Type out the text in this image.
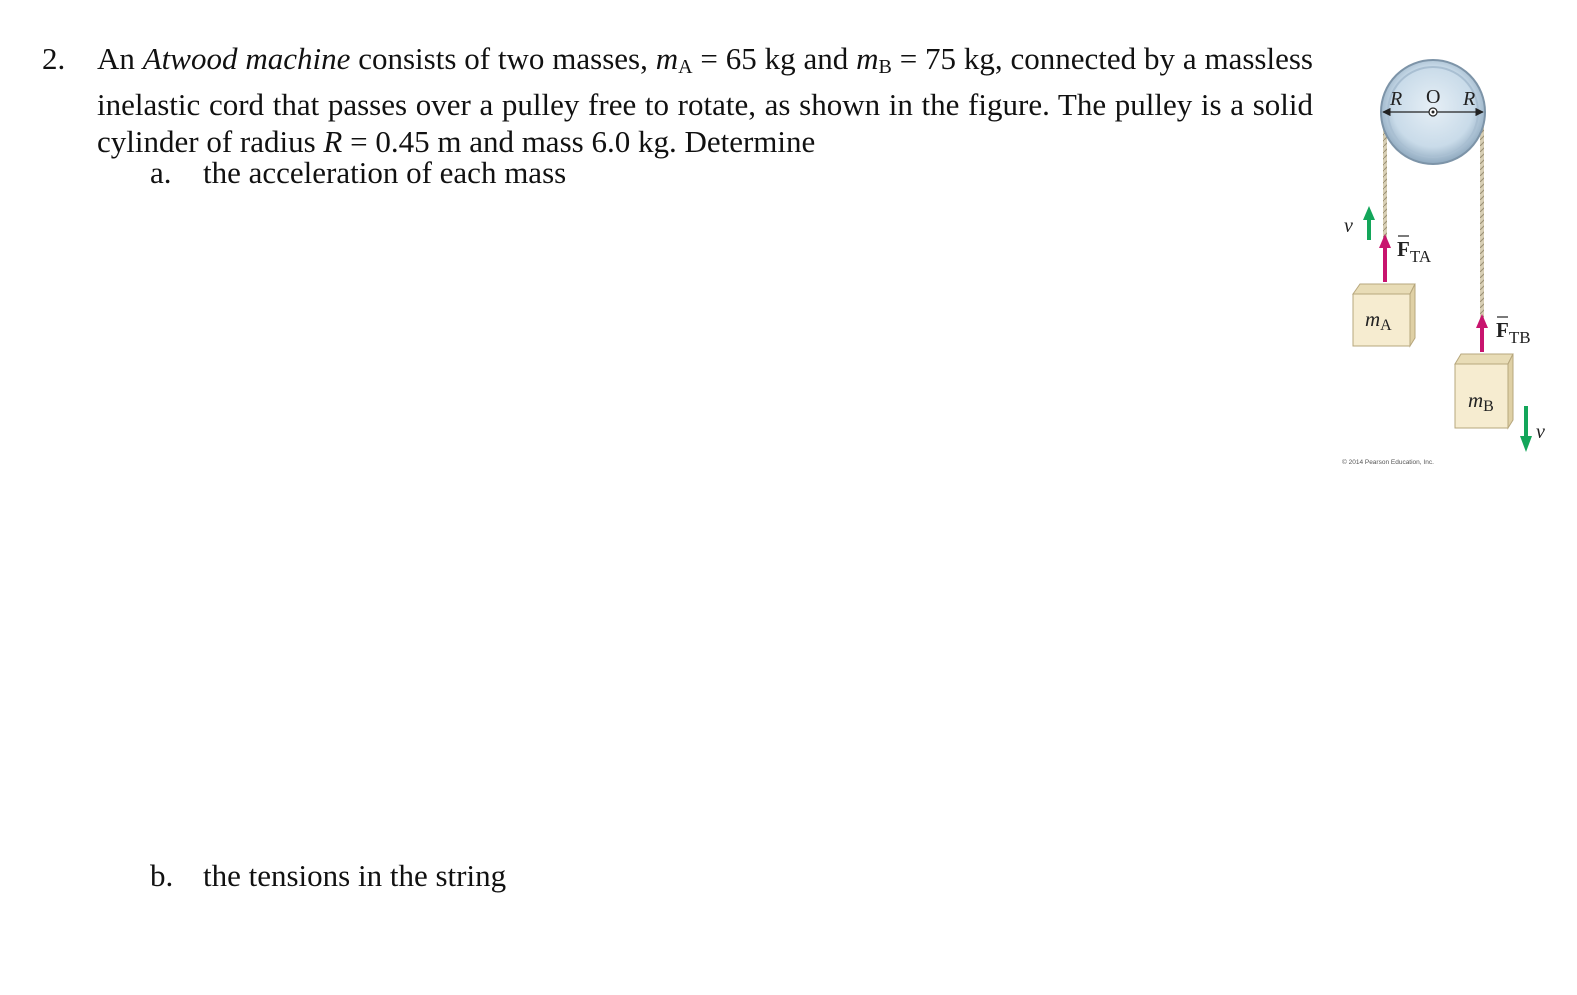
2. An Atwood machine consists of two masses, $m_A = 65$ kg and $m_B = 75$ kg, connected by a massless inelastic cord that passes over a pulley free to rotate, as shown in the figure. The pulley is a solid cylinder of radius R = 0.45 m and mass 6.0 kg. Determine
a. the acceleration of each mass
b. the tensions in the string
R O R
mA
$F_{TA}$
v
mB
$F_{TB}$
v
© 2014 Pearson Education, Inc.
